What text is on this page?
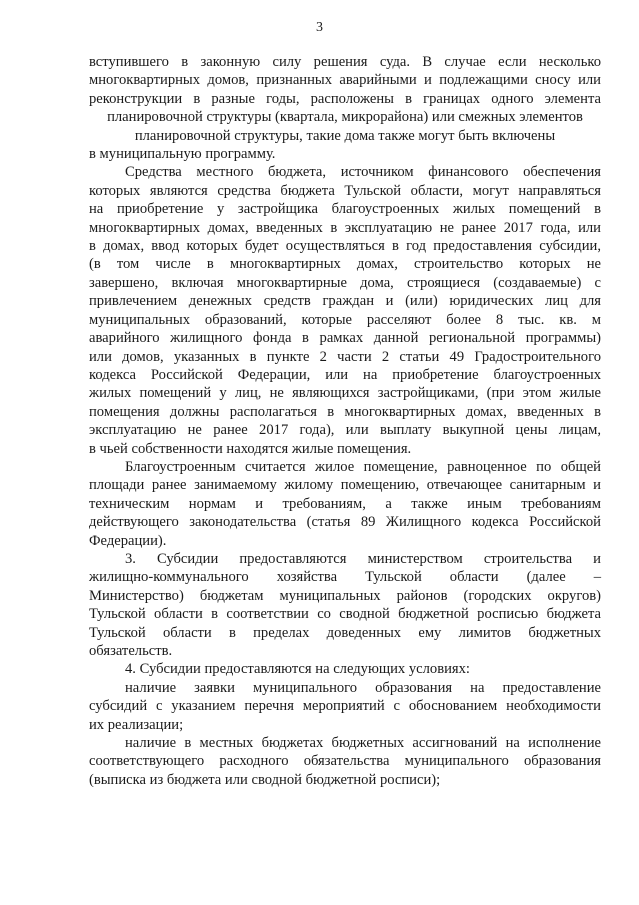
3

вступившего в законную силу решения суда. В случае если несколько

многоквартирных домов, признанных аварийными и подлежащими сносу или

реконструкции в разные годы, расположены в границах одного элемента

планировочной структуры (квартала, микрорайона) или смежных элементов

планировочной структуры, такие дома также могут быть включены

в муниципальную программу.

Средства местного бюджета, источником финансового обеспечения

которых являются средства бюджета Тульской области, могут направляться

на приобретение у застройщика благоустроенных жилых помещений в

многоквартирных домах, введенных в эксплуатацию не ранее 2017 года, или

в домах, ввод которых будет осуществляться в год предоставления субсидии,

(в том числе в многоквартирных домах, строительство которых не

завершено, включая многоквартирные дома, строящиеся (создаваемые) с

привлечением денежных средств граждан и (или) юридических лиц для

муниципальных образований, которые расселяют более 8 тыс. кв. м

аварийного жилищного фонда в рамках данной региональной программы)

или домов, указанных в пункте 2 части 2 статьи 49 Градостроительного

кодекса Российской Федерации, или на приобретение благоустроенных

жилых помещений у лиц, не являющихся застройщиками, (при этом жилые

помещения должны располагаться в многоквартирных домах, введенных в

эксплуатацию не ранее 2017 года), или выплату выкупной цены лицам,

в чьей собственности находятся жилые помещения.

Благоустроенным считается жилое помещение, равноценное по общей

площади ранее занимаемому жилому помещению, отвечающее санитарным и

техническим нормам и требованиям, а также иным требованиям

действующего законодательства (статья 89 Жилищного кодекса Российской

Федерации).

3. Субсидии предоставляются министерством строительства и

жилищно-коммунального хозяйства Тульской области (далее –

Министерство) бюджетам муниципальных районов (городских округов)

Тульской области в соответствии со сводной бюджетной росписью бюджета

Тульской области в пределах доведенных ему лимитов бюджетных

обязательств.

4. Субсидии предоставляются на следующих условиях:

наличие заявки муниципального образования на предоставление

субсидий с указанием перечня мероприятий с обоснованием необходимости

их реализации;

наличие в местных бюджетах бюджетных ассигнований на исполнение

соответствующего расходного обязательства муниципального образования

(выписка из бюджета или сводной бюджетной росписи);
